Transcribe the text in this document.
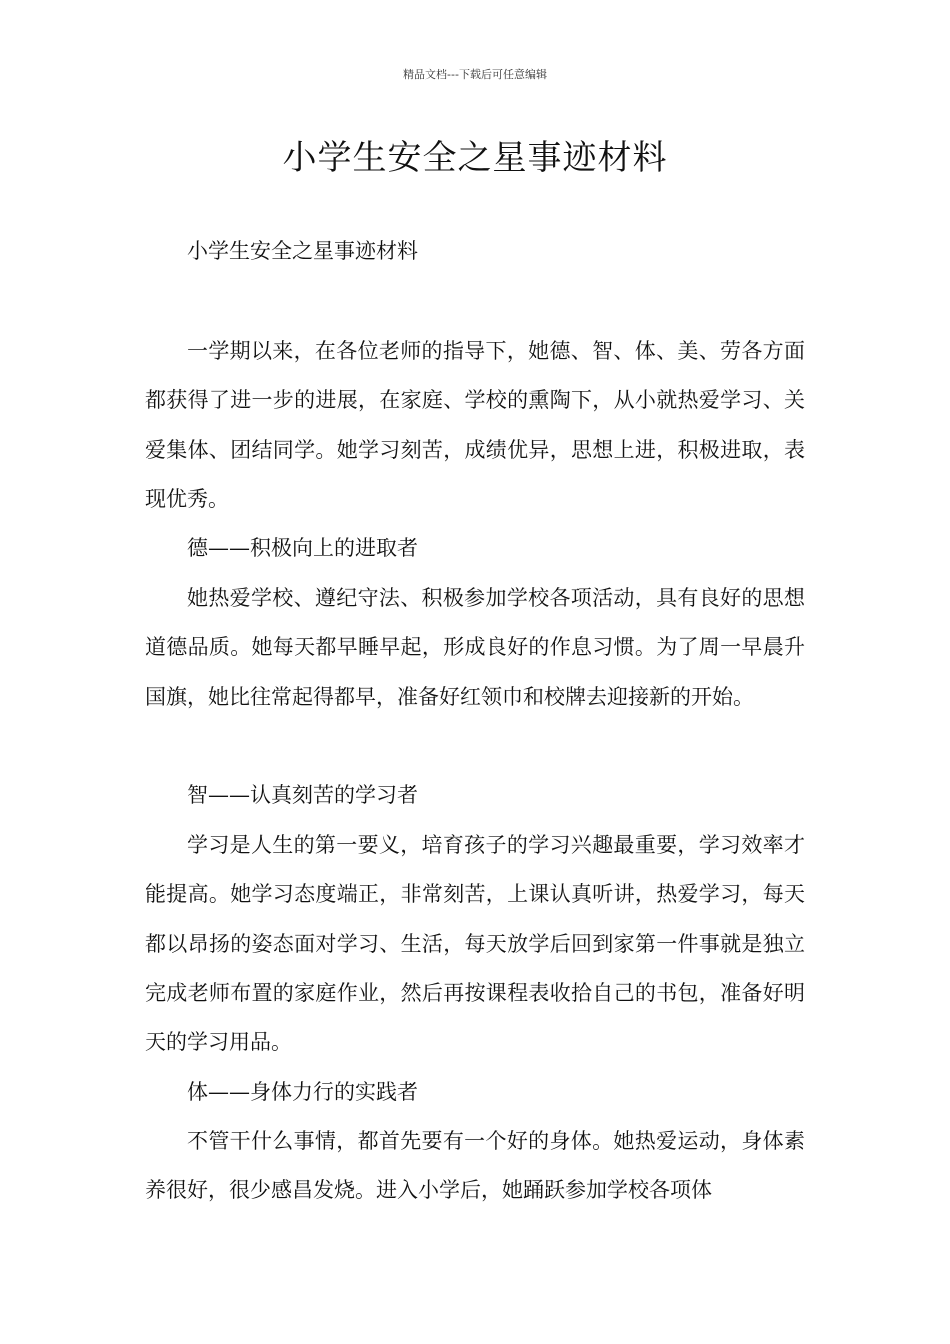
精品文档---下载后可任意编辑
小学生安全之星事迹材料

小学生安全之星事迹材料

一学期以来，在各位老师的指导下，她德、智、体、美、劳各方面都获得了进一步的进展，在家庭、学校的熏陶下，从小就热爱学习、关爱集体、团结同学。她学习刻苦，成绩优异，思想上进，积极进取，表现优秀。

德——积极向上的进取者

她热爱学校、遵纪守法、积极参加学校各项活动，具有良好的思想道德品质。她每天都早睡早起，形成良好的作息习惯。为了周一早晨升国旗，她比往常起得都早，准备好红领巾和校牌去迎接新的开始。

智——认真刻苦的学习者

学习是人生的第一要义，培育孩子的学习兴趣最重要，学习效率才能提高。她学习态度端正，非常刻苦，上课认真听讲，热爱学习，每天都以昂扬的姿态面对学习、生活，每天放学后回到家第一件事就是独立完成老师布置的家庭作业，然后再按课程表收拾自己的书包，准备好明天的学习用品。

体——身体力行的实践者

不管干什么事情，都首先要有一个好的身体。她热爱运动，身体素养很好，很少感昌发烧。进入小学后，她踊跃参加学校各项体
